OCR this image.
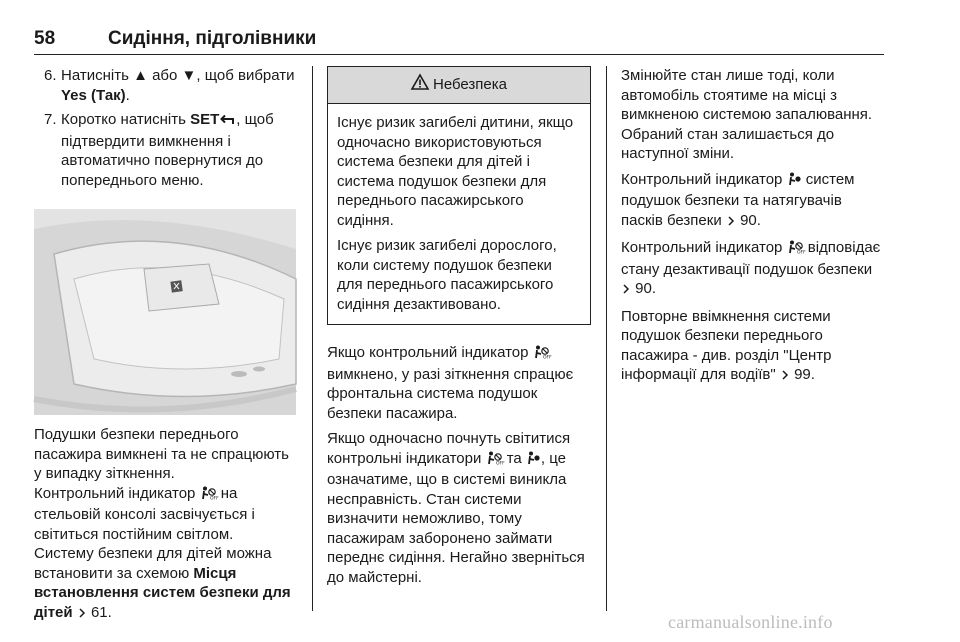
58	Сидіння, підголівники
6. Натисніть ▲ або ▼, щоб вибрати Yes (Так).
7. Коротко натисніть SET , щоб підтвердити вимкнення і автоматично повернутися до попереднього меню.

Подушки безпеки переднього пасажира вимкнені та не спрацюють у випадку зіткнення.

Контрольний індикатор OFF
на стельовій консолі засвічується і світиться постійним світлом.

Систему безпеки для дітей можна встановити за схемою Місця встановлення систем безпеки для дітей 61.

Небезпека

Існує ризик загибелі дитини, якщо одночасно використовуються система безпеки для дітей і система подушок безпеки для переднього пасажирського сидіння.

Існує ризик загибелі дорослого, коли систему подушок безпеки для переднього пасажирського сидіння дезактивовано.

Якщо контрольний індикатор OFF
вимкнено, у разі зіткнення спрацює фронтальна система подушок безпеки пасажира.

Якщо одночасно почнуть світитися контрольні індикатори OFF
та , це означатиме, що в системі виникла несправність. Стан системи визначити неможливо, тому пасажирам заборонено займати переднє сидіння. Негайно зверніться до майстерні.

Змінюйте стан лише тоді, коли автомобіль стоятиме на місці з вимкненою системою запалювання. Обраний стан залишається до наступної зміни.

Контрольний індикатор  систем подушок безпеки та натягувачів пасків безпеки  90.

Контрольний індикатор OFF
відповідає стану дезактивації подушок безпеки  90.

Повторне ввімкнення системи подушок безпеки переднього пасажира - див. розділ "Центр інформації для водіїв"  99.

carmanualsonline.info
